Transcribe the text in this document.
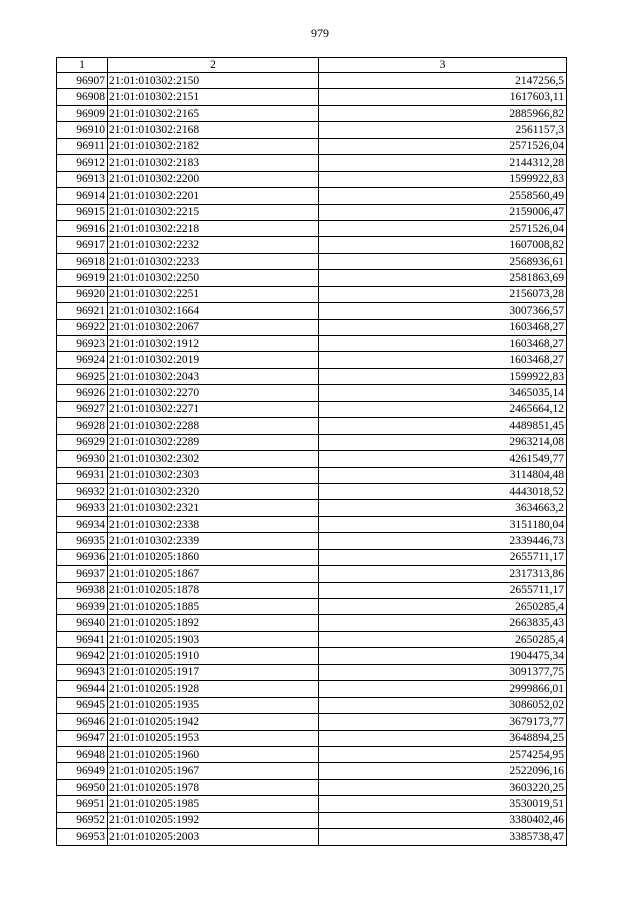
979
1	2	3
96907	21:01:010302:2150	2147256,5
96908	21:01:010302:2151	1617603,11
96909	21:01:010302:2165	2885966,82
96910	21:01:010302:2168	2561157,3
96911	21:01:010302:2182	2571526,04
96912	21:01:010302:2183	2144312,28
96913	21:01:010302:2200	1599922,83
96914	21:01:010302:2201	2558560,49
96915	21:01:010302:2215	2159006,47
96916	21:01:010302:2218	2571526,04
96917	21:01:010302:2232	1607008,82
96918	21:01:010302:2233	2568936,61
96919	21:01:010302:2250	2581863,69
96920	21:01:010302:2251	2156073,28
96921	21:01:010302:1664	3007366,57
96922	21:01:010302:2067	1603468,27
96923	21:01:010302:1912	1603468,27
96924	21:01:010302:2019	1603468,27
96925	21:01:010302:2043	1599922,83
96926	21:01:010302:2270	3465035,14
96927	21:01:010302:2271	2465664,12
96928	21:01:010302:2288	4489851,45
96929	21:01:010302:2289	2963214,08
96930	21:01:010302:2302	4261549,77
96931	21:01:010302:2303	3114804,48
96932	21:01:010302:2320	4443018,52
96933	21:01:010302:2321	3634663,2
96934	21:01:010302:2338	3151180,04
96935	21:01:010302:2339	2339446,73
96936	21:01:010205:1860	2655711,17
96937	21:01:010205:1867	2317313,86
96938	21:01:010205:1878	2655711,17
96939	21:01:010205:1885	2650285,4
96940	21:01:010205:1892	2663835,43
96941	21:01:010205:1903	2650285,4
96942	21:01:010205:1910	1904475,34
96943	21:01:010205:1917	3091377,75
96944	21:01:010205:1928	2999866,01
96945	21:01:010205:1935	3086052,02
96946	21:01:010205:1942	3679173,77
96947	21:01:010205:1953	3648894,25
96948	21:01:010205:1960	2574254,95
96949	21:01:010205:1967	2522096,16
96950	21:01:010205:1978	3603220,25
96951	21:01:010205:1985	3530019,51
96952	21:01:010205:1992	3380402,46
96953	21:01:010205:2003	3385738,47
